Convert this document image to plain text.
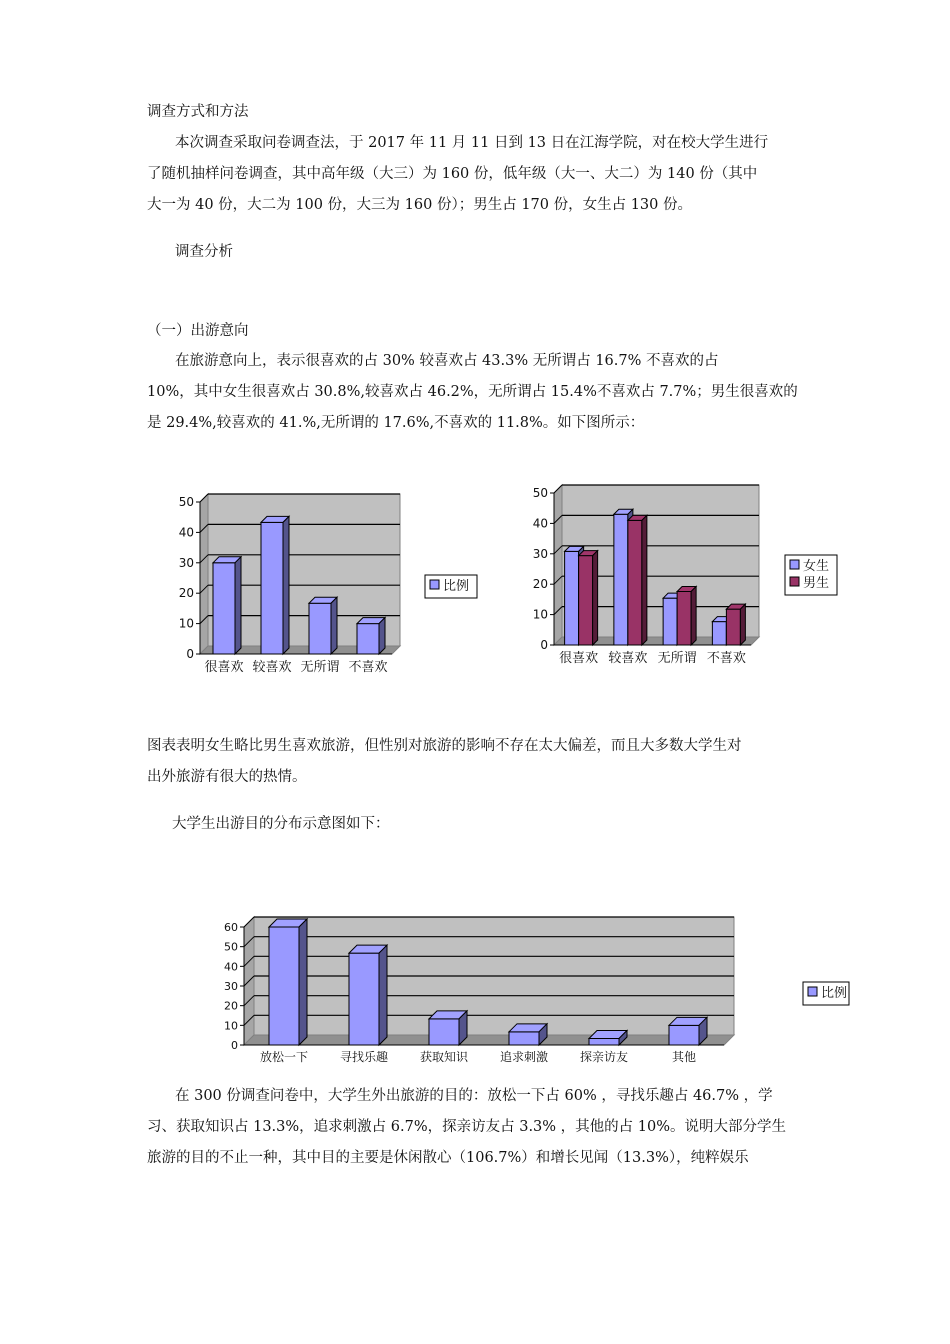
调查方式和方法
本次调查采取问卷调查法，于 2017 年 11 月 11 日到 13 日在江海学院，对在校大学生进行
了随机抽样问卷调查，其中高年级（大三）为 160 份，低年级（大一、大二）为 140 份（其中
大一为 40 份，大二为 100 份，大三为 160 份）；男生占 170 份，女生占 130 份。
调查分析
（一）出游意向
在旅游意向上，表示很喜欢的占 30% 较喜欢占 43.3% 无所谓占 16.7% 不喜欢的占
10%，其中女生很喜欢占 30.8%,较喜欢占 46.2%，无所谓占 15.4%不喜欢占 7.7%；男生很喜欢的
是 29.4%,较喜欢的 41.%,无所谓的 17.6%,不喜欢的 11.8%。如下图所示：
0
10
20
30
40
50
很喜欢 较喜欢 无所谓 不喜欢
比例
0
10
20
30
40
50
很喜欢 较喜欢 无所谓 不喜欢
女生
男生
图表表明女生略比男生喜欢旅游，但性别对旅游的影响不存在太大偏差，而且大多数大学生对
出外旅游有很大的热情。
大学生出游目的分布示意图如下：
0
10
20
30
40
50
60
放松一下	寻找乐趣	获取知识	追求刺激	探亲访友	其他
比例
在 300 份调查问卷中，大学生外出旅游的目的：放松一下占 60% ，寻找乐趣占 46.7% ，学
习、获取知识占 13.3%，追求刺激占 6.7%，探亲访友占 3.3% ，其他的占 10%。说明大部分学生
旅游的目的不止一种，其中目的主要是休闲散心（106.7%）和增长见闻（13.3%），纯粹娱乐
